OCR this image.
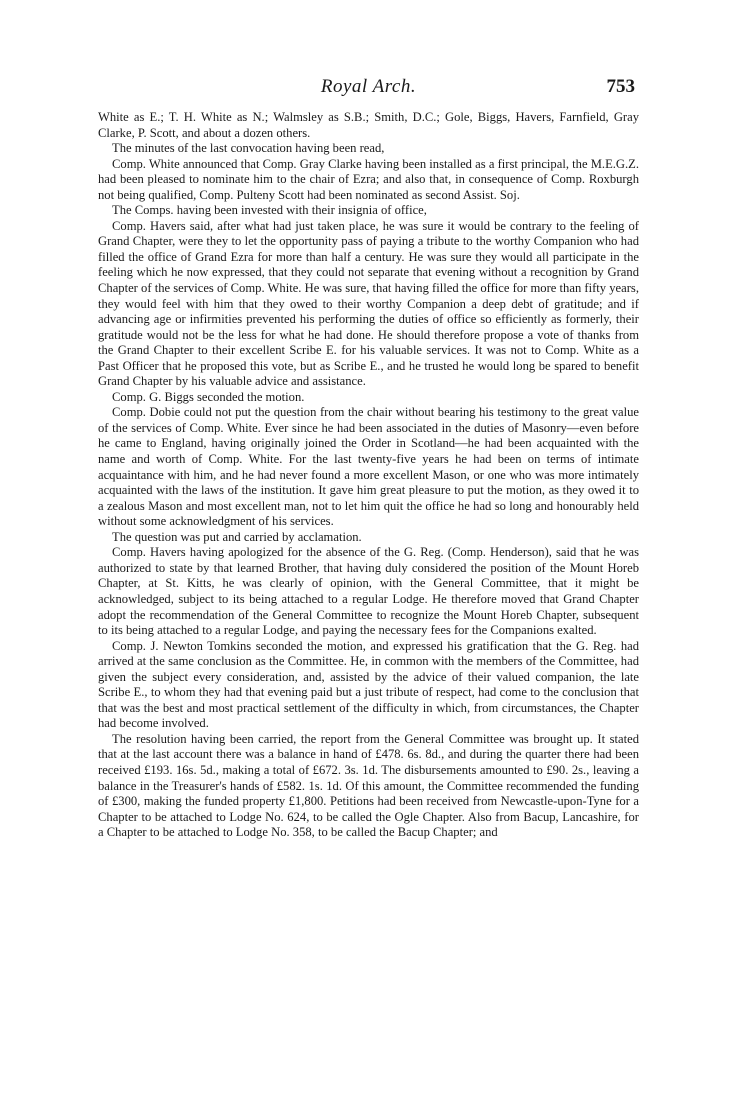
Royal Arch.	753

White as E.; T. H. White as N.; Walmsley as S.B.; Smith, D.C.; Gole, Biggs, Havers, Farnfield, Gray Clarke, P. Scott, and about a dozen others.

The minutes of the last convocation having been read,

Comp. White announced that Comp. Gray Clarke having been installed as a first principal, the M.E.G.Z. had been pleased to nominate him to the chair of Ezra; and also that, in consequence of Comp. Roxburgh not being qualified, Comp. Pulteny Scott had been nominated as second Assist. Soj.

The Comps. having been invested with their insignia of office,

Comp. Havers said, after what had just taken place, he was sure it would be contrary to the feeling of Grand Chapter, were they to let the opportunity pass of paying a tribute to the worthy Companion who had filled the office of Grand Ezra for more than half a century. He was sure they would all participate in the feeling which he now expressed, that they could not separate that evening without a recognition by Grand Chapter of the services of Comp. White. He was sure, that having filled the office for more than fifty years, they would feel with him that they owed to their worthy Companion a deep debt of gratitude; and if advancing age or infirmities prevented his performing the duties of office so efficiently as formerly, their gratitude would not be the less for what he had done. He should therefore propose a vote of thanks from the Grand Chapter to their excellent Scribe E. for his valuable services. It was not to Comp. White as a Past Officer that he proposed this vote, but as Scribe E., and he trusted he would long be spared to benefit Grand Chapter by his valuable advice and assistance.

Comp. G. Biggs seconded the motion.

Comp. Dobie could not put the question from the chair without bearing his testimony to the great value of the services of Comp. White. Ever since he had been associated in the duties of Masonry—even before he came to England, having originally joined the Order in Scotland—he had been acquainted with the name and worth of Comp. White. For the last twenty-five years he had been on terms of intimate acquaintance with him, and he had never found a more excellent Mason, or one who was more intimately acquainted with the laws of the institution. It gave him great pleasure to put the motion, as they owed it to a zealous Mason and most excellent man, not to let him quit the office he had so long and honourably held without some acknowledgment of his services.

The question was put and carried by acclamation.

Comp. Havers having apologized for the absence of the G. Reg. (Comp. Henderson), said that he was authorized to state by that learned Brother, that having duly considered the position of the Mount Horeb Chapter, at St. Kitts, he was clearly of opinion, with the General Committee, that it might be acknowledged, subject to its being attached to a regular Lodge. He therefore moved that Grand Chapter adopt the recommendation of the General Committee to recognize the Mount Horeb Chapter, subsequent to its being attached to a regular Lodge, and paying the necessary fees for the Companions exalted.

Comp. J. Newton Tomkins seconded the motion, and expressed his gratification that the G. Reg. had arrived at the same conclusion as the Committee. He, in common with the members of the Committee, had given the subject every consideration, and, assisted by the advice of their valued companion, the late Scribe E., to whom they had that evening paid but a just tribute of respect, had come to the conclusion that that was the best and most practical settlement of the difficulty in which, from circumstances, the Chapter had become involved.

The resolution having been carried, the report from the General Committee was brought up. It stated that at the last account there was a balance in hand of £478. 6s. 8d., and during the quarter there had been received £193. 16s. 5d., making a total of £672. 3s. 1d. The disbursements amounted to £90. 2s., leaving a balance in the Treasurer's hands of £582. 1s. 1d. Of this amount, the Committee recommended the funding of £300, making the funded property £1,800. Petitions had been received from Newcastle-upon-Tyne for a Chapter to be attached to Lodge No. 624, to be called the Ogle Chapter. Also from Bacup, Lancashire, for a Chapter to be attached to Lodge No. 358, to be called the Bacup Chapter; and
